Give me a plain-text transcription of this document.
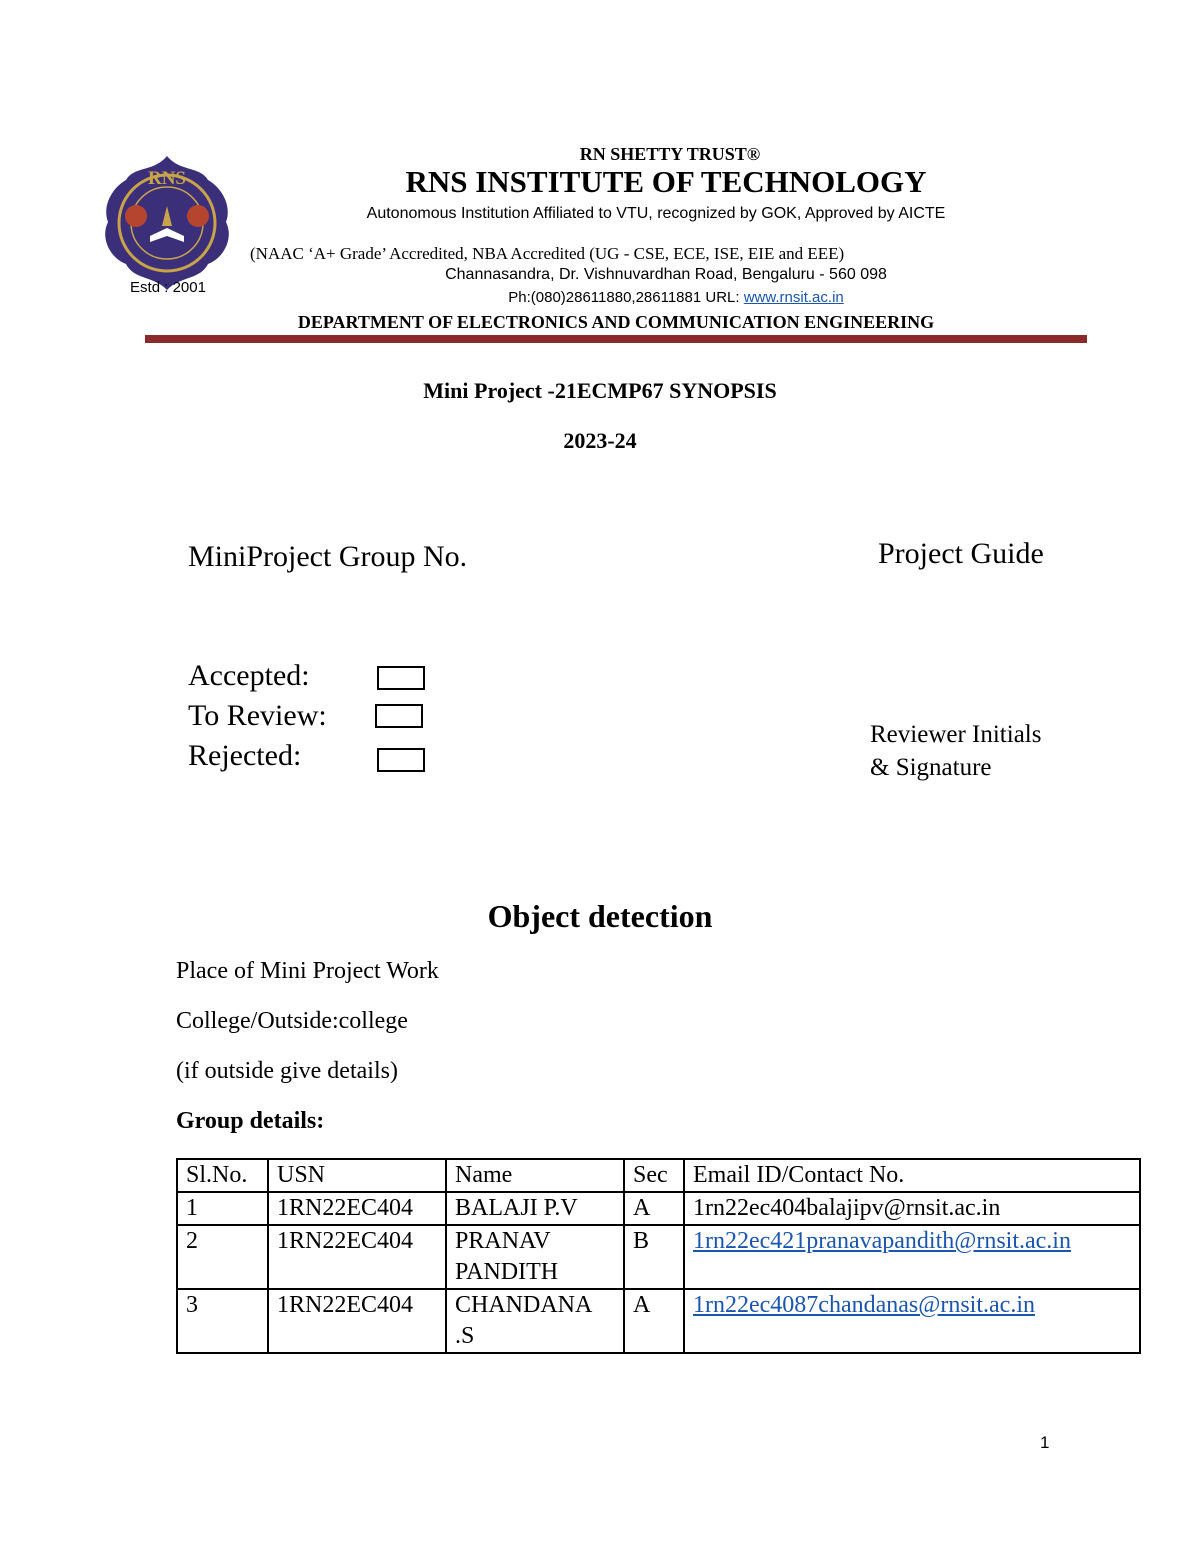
RNS
Estd : 2001
RN SHETTY TRUST®
RNS INSTITUTE OF TECHNOLOGY
Autonomous Institution Affiliated to VTU, recognized by GOK, Approved by AICTE
(NAAC ‘A+ Grade’ Accredited, NBA Accredited (UG - CSE, ECE, ISE, EIE and EEE)
Channasandra, Dr. Vishnuvardhan Road, Bengaluru - 560 098
Ph:(080)28611880,28611881 URL: www.rnsit.ac.in
DEPARTMENT OF ELECTRONICS AND COMMUNICATION ENGINEERING
Mini Project -21ECMP67 SYNOPSIS
2023-24
MiniProject Group No.	Project Guide
Accepted:
To Review:
Rejected:
Reviewer Initials
& Signature
Object detection
Place of Mini Project Work
College/Outside:college
(if outside give details)
Group details:
Sl.No.	USN	Name	Sec	Email ID/Contact No.
1	1RN22EC404	BALAJI P.V	A	1rn22ec404balajipv@rnsit.ac.in
2	1RN22EC404	PRANAV PANDITH	B	1rn22ec421pranavapandith@rnsit.ac.in
3	1RN22EC404	CHANDANA .S	A	1rn22ec4087chandanas@rnsit.ac.in
1
